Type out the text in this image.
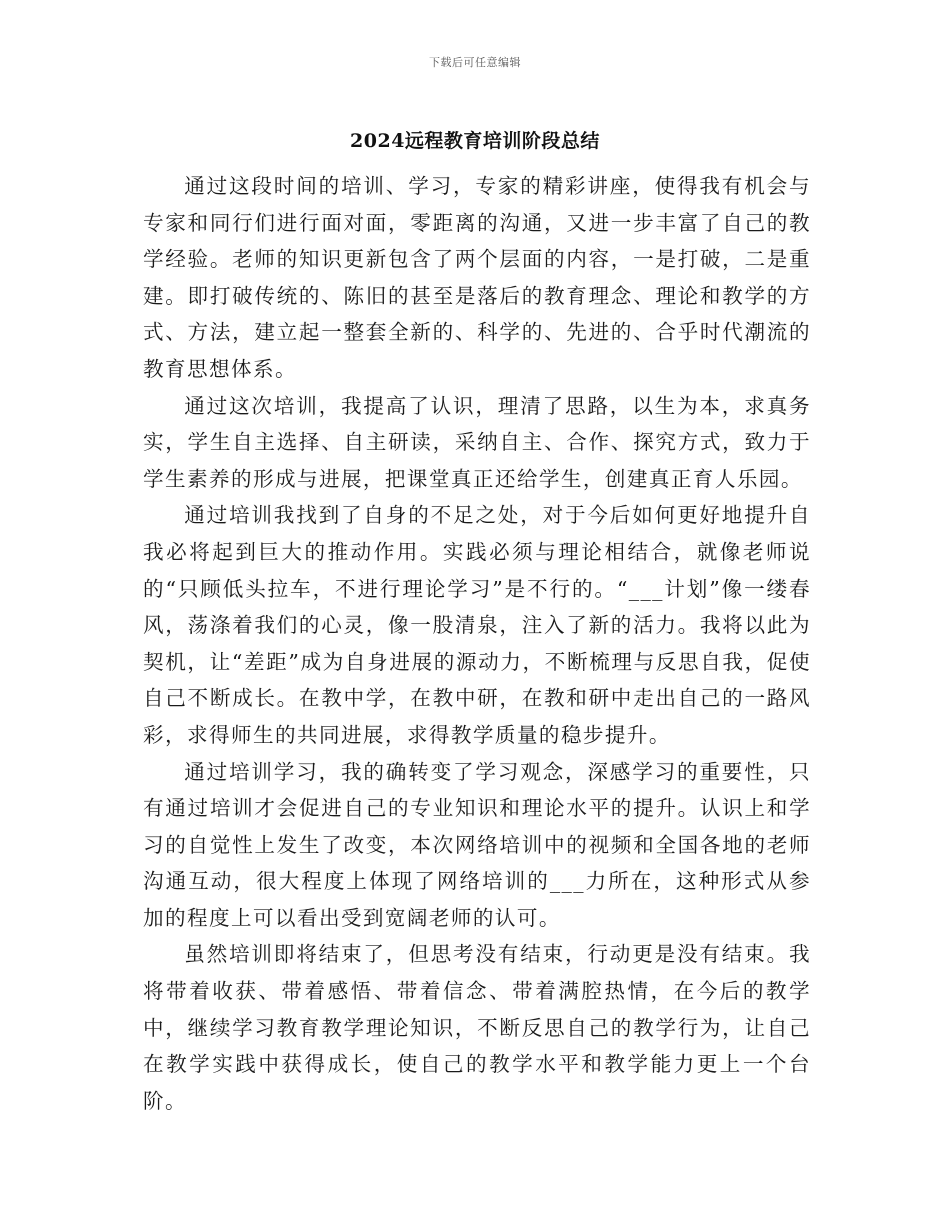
下载后可任意编辑
2024远程教育培训阶段总结

通过这段时间的培训、学习，专家的精彩讲座，使得我有机会与专家和同行们进行面对面，零距离的沟通，又进一步丰富了自己的教学经验。老师的知识更新包含了两个层面的内容，一是打破，二是重建。即打破传统的、陈旧的甚至是落后的教育理念、理论和教学的方式、方法，建立起一整套全新的、科学的、先进的、合乎时代潮流的教育思想体系。

通过这次培训，我提高了认识，理清了思路，以生为本，求真务实，学生自主选择、自主研读，采纳自主、合作、探究方式，致力于学生素养的形成与进展，把课堂真正还给学生，创建真正育人乐园。

通过培训我找到了自身的不足之处，对于今后如何更好地提升自我必将起到巨大的推动作用。实践必须与理论相结合，就像老师说的“只顾低头拉车，不进行理论学习”是不行的。“___计划”像一缕春风，荡涤着我们的心灵，像一股清泉，注入了新的活力。我将以此为契机，让“差距”成为自身进展的源动力，不断梳理与反思自我，促使自己不断成长。在教中学，在教中研，在教和研中走出自己的一路风彩，求得师生的共同进展，求得教学质量的稳步提升。

通过培训学习，我的确转变了学习观念，深感学习的重要性，只有通过培训才会促进自己的专业知识和理论水平的提升。认识上和学习的自觉性上发生了改变，本次网络培训中的视频和全国各地的老师沟通互动，很大程度上体现了网络培训的___力所在，这种形式从参加的程度上可以看出受到宽阔老师的认可。

虽然培训即将结束了，但思考没有结束，行动更是没有结束。我将带着收获、带着感悟、带着信念、带着满腔热情，在今后的教学中，继续学习教育教学理论知识，不断反思自己的教学行为，让自己在教学实践中获得成长，使自己的教学水平和教学能力更上一个台阶。
